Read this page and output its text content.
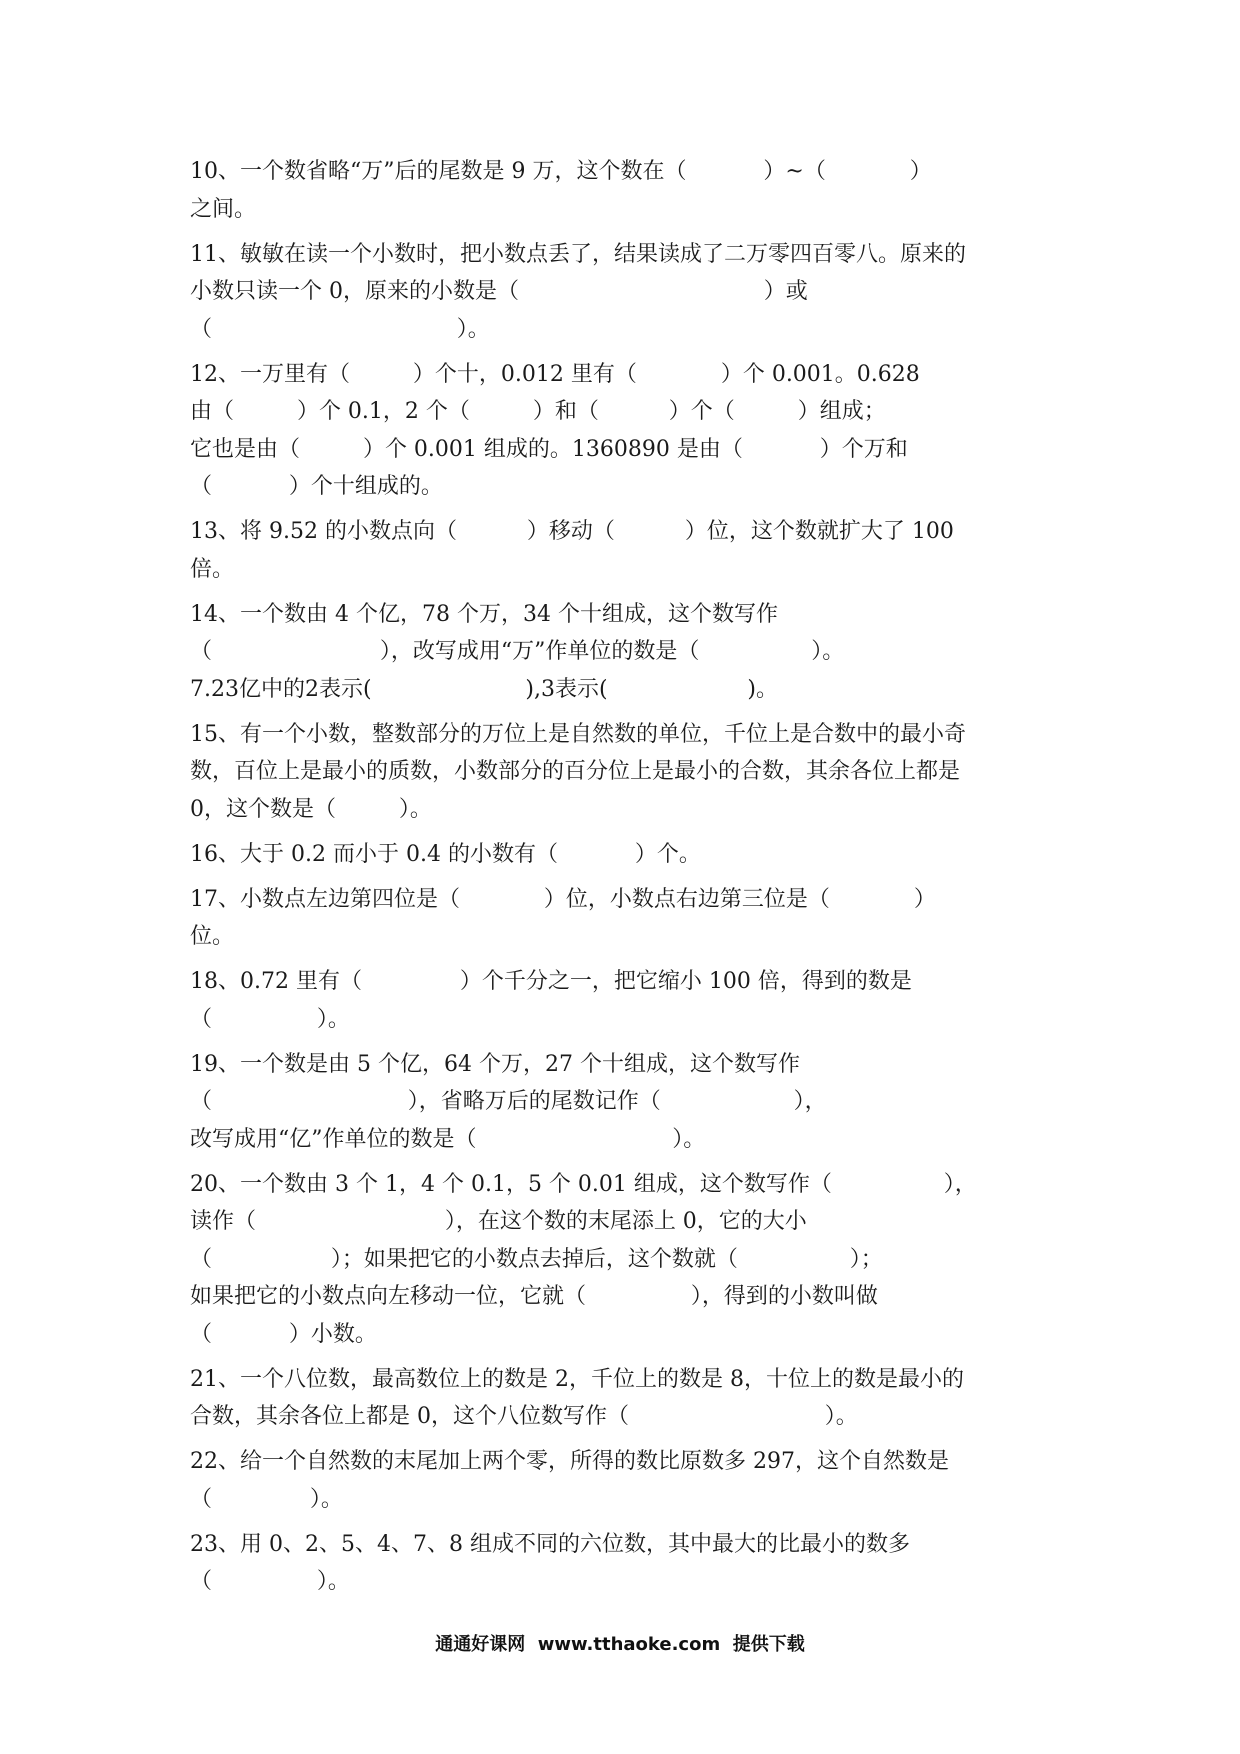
10、一个数省略“万”后的尾数是 9 万，这个数在（           ）~（            ）
之间。
11、敏敏在读一个小数时，把小数点丢了，结果读成了二万零四百零八。原来的
小数只读一个 0，原来的小数是（                                   ）或
（                                   ）。
12、一万里有（         ）个十，0.012 里有（            ）个 0.001。0.628
由（         ）个 0.1，2 个（         ）和（          ）个（         ）组成；
它也是由（         ）个 0.001 组成的。1360890 是由（           ）个万和
（           ）个十组成的。
13、将 9.52 的小数点向（          ）移动（          ）位，这个数就扩大了 100
倍。
14、一个数由 4 个亿，78 个万，34 个十组成，这个数写作
（                        ），改写成用“万”作单位的数是（                ）。
7.23亿中的2表示(                      ),3表示(                    )。
15、有一个小数，整数部分的万位上是自然数的单位，千位上是合数中的最小奇
数，百位上是最小的质数，小数部分的百分位上是最小的合数，其余各位上都是
0，这个数是（         ）。
16、大于 0.2 而小于 0.4 的小数有（           ）个。
17、小数点左边第四位是（            ）位，小数点右边第三位是（            ）
位。
18、0.72 里有（              ）个千分之一，把它缩小 100 倍，得到的数是
（               ）。
19、一个数是由 5 个亿，64 个万，27 个十组成，这个数写作
（                            ），省略万后的尾数记作（                   ），
改写成用“亿”作单位的数是（                            ）。
20、一个数由 3 个 1，4 个 0.1，5 个 0.01 组成，这个数写作（                ），
读作（                           ），在这个数的末尾添上 0，它的大小
（                 ）；如果把它的小数点去掉后，这个数就（                ）；
如果把它的小数点向左移动一位，它就（               ），得到的小数叫做
（           ）小数。
21、一个八位数，最高数位上的数是 2，千位上的数是 8，十位上的数是最小的
合数，其余各位上都是 0，这个八位数写作（                            ）。
22、给一个自然数的末尾加上两个零，所得的数比原数多 297，这个自然数是
（              ）。
23、用 0、2、5、4、7、8 组成不同的六位数，其中最大的比最小的数多
（               ）。
通通好课网  www.tthaoke.com  提供下载
